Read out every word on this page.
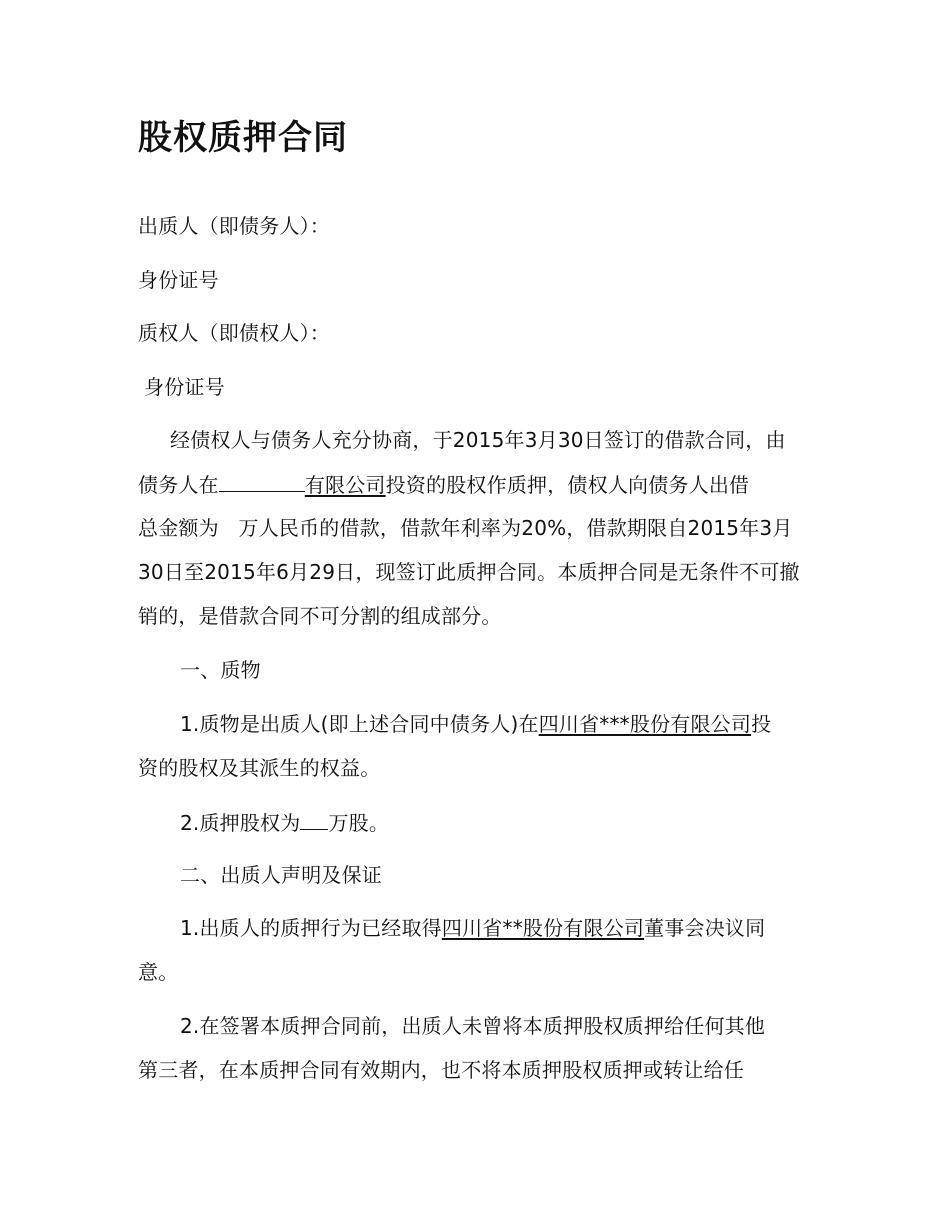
股权质押合同
出质人（即债务人）：
身份证号
质权人（即债权人）：
身份证号
经债权人与债务人充分协商，于2015年3月30日签订的借款合同，由
债务人在	有限公司投资的股权作质押，债权人向债务人出借
总金额为   万人民币的借款，借款年利率为20%，借款期限自2015年3月
30日至2015年6月29日，现签订此质押合同。本质押合同是无条件不可撤
销的，是借款合同不可分割的组成部分。
一、质物
1.质物是出质人(即上述合同中债务人)在四川省***股份有限公司投
资的股权及其派生的权益。
2.质押股权为 万股。
二、出质人声明及保证
1.出质人的质押行为已经取得四川省**股份有限公司董事会决议同
意。
2.在签署本质押合同前，出质人未曾将本质押股权质押给任何其他
第三者，在本质押合同有效期内，也不将本质押股权质押或转让给任
